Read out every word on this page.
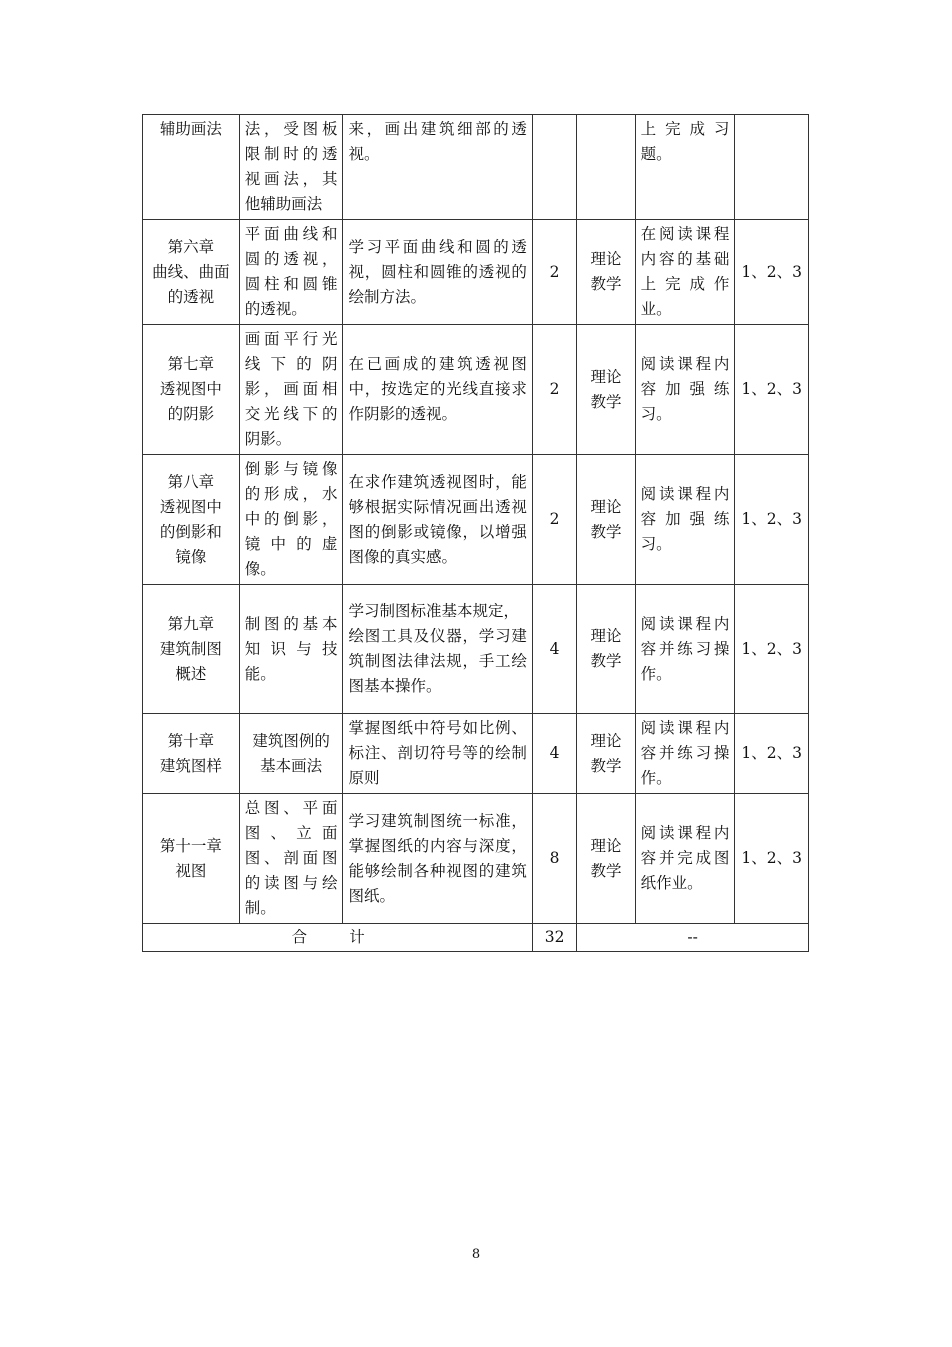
辅助画法	法，受图板限制时的透视画法，其他辅助画法	来，画出建筑细部的透视。			上 完 成 习题。	

第六章
曲线、曲面
的透视	平面曲线和圆的透视，圆柱和圆锥的透视。	学习平面曲线和圆的透视，圆柱和圆锥的透视的绘制方法。	2	理论
教学	在阅读课程内容的基础上 完 成 作业。	1、2、3

第七章
透视图中
的阴影	画面平行光线 下 的 阴影，画面相交光线下的阴影。	在已画成的建筑透视图中，按选定的光线直接求作阴影的透视。	2	理论
教学	阅读课程内容 加 强 练习。	1、2、3

第八章
透视图中
的倒影和
镜像	倒影与镜像的形成，水中的倒影，镜 中 的 虚像。	在求作建筑透视图时，能够根据实际情况画出透视图的倒影或镜像，以增强图像的真实感。	2	理论
教学	阅读课程内容 加 强 练习。	1、2、3

第九章
建筑制图
概述	制图的基本知识与技能。	学习制图标准基本规定，
绘图工具及仪器，学习建筑制图法律法规，手工绘图基本操作。	4	理论
教学	阅读课程内容并练习操作。	1、2、3

第十章
建筑图样	建筑图例的
基本画法	掌握图纸中符号如比例、标注、剖切符号等的绘制原则	4	理论
教学	阅读课程内容并练习操作。	1、2、3

第十一章
视图	总图、平面图、立面图、剖面图的读图与绘制。	学习建筑制图统一标准，掌握图纸的内容与深度，能够绘制各种视图的建筑图纸。	8	理论
教学	阅读课程内容并完成图纸作业。	1、2、3
合 计			32	--		
8
